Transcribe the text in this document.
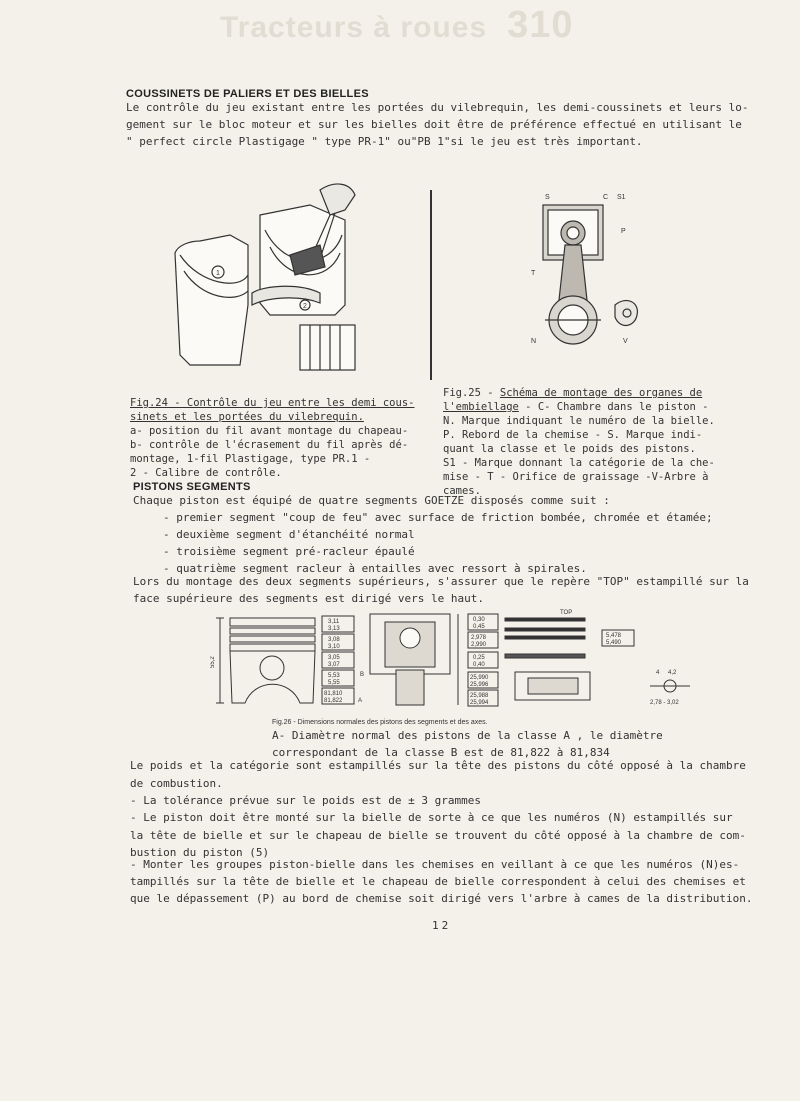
Tracteurs à roues 310
COUSSINETS DE PALIERS ET DES BIELLES
Le contrôle du jeu existant entre les portées du vilebrequin, les demi-coussinets et leurs lo-
gement sur le bloc moteur et sur les bielles doit être de préférence effectué en utilisant le
" perfect circle Plastigage " type PR-1" ou"PB 1"si le jeu est très important.
1
2
S	C S1
P
T
N	V
Fig.24 - Contrôle du jeu entre les demi cous-
sinets et les portées du vilebrequin.
a- position du fil avant montage du chapeau-
b- contrôle de l'écrasement du fil après dé-
montage, 1-fil Plastigage, type PR.1 -
2 - Calibre de contrôle.
Fig.25 - Schéma de montage des organes de
l'embiellage - C- Chambre dans le piston -
N. Marque indiquant le numéro de la bielle.
P. Rebord de la chemise - S. Marque indi-
quant la classe et le poids des pistons.
S1 - Marque donnant la catégorie de la che-
mise - T - Orifice de graissage -V-Arbre à
cames.
PISTONS SEGMENTS
Chaque piston est équipé de quatre segments GOETZE disposés comme suit :
- premier segment "coup de feu" avec surface de friction bombée, chromée et étamée;
- deuxième segment d'étanchéité normal
- troisième segment pré-racleur épaulé
- quatrième segment racleur à entailles avec ressort à spirales.
Lors du montage des deux segments supérieurs, s'assurer que le repère "TOP" estampillé sur la
face supérieure des segments est dirigé vers le haut.
55,2
3,11
3,13
3,08
3,10
3,05
3,07
5,53
5,55
81,810
81,822	A
B
0,30
0,45
2,978
2,990
0,25
0,40
25,990
25,996
25,988
25,994
TOP
5,478
5,490
4 4,2
2,78 - 3,02
Fig.26 - Dimensions normales des pistons des segments et des axes.
A- Diamètre normal des pistons de la classe A , le diamètre
correspondant de la classe B est de 81,822 à 81,834
Le poids et la catégorie sont estampillés sur la tête des pistons du côté opposé à la chambre
de combustion.
- La tolérance prévue sur le poids est de ± 3 grammes
- Le piston doit être monté sur la bielle de sorte à ce que les numéros (N) estampillés sur
la tête de bielle et sur le chapeau de bielle se trouvent du côté opposé à la chambre de com-
bustion du piston (5)
- Monter les groupes piston-bielle dans les chemises en veillant à ce que les numéros (N)es-
tampillés sur la tête de bielle et le chapeau de bielle correspondent à celui des chemises et
que le dépassement (P) au bord de chemise soit dirigé vers l'arbre à cames de la distribution.
12
